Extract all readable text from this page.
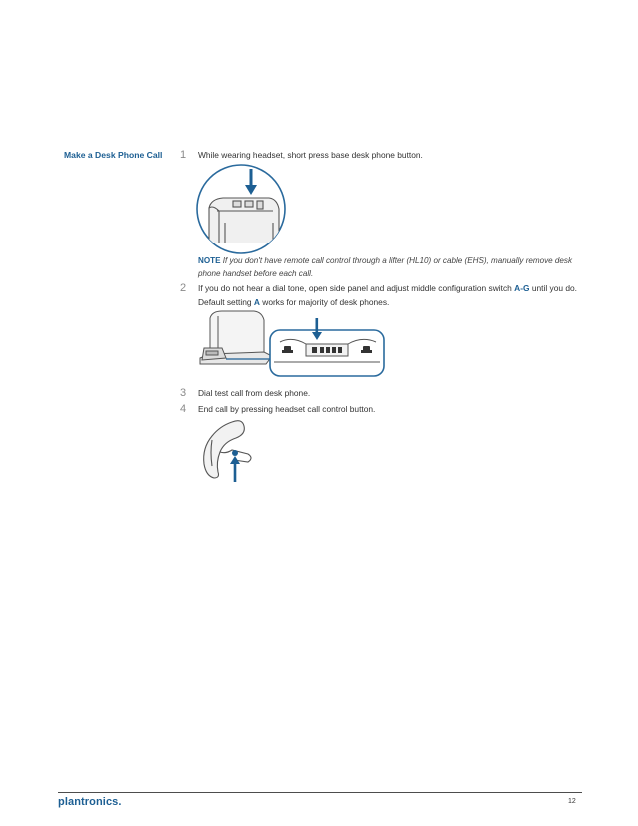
Make a Desk Phone Call 1 While wearing headset, short press base desk phone button.
NOTE If you don't have remote call control through a lifter (HL10) or cable (EHS), manually remove desk phone handset before each call.
2 If you do not hear a dial tone, open side panel and adjust middle configuration switch A-G until you do. Default setting A works for majority of desk phones.
3 Dial test call from desk phone.
4 End call by pressing headset call control button.
plantronics.	12
